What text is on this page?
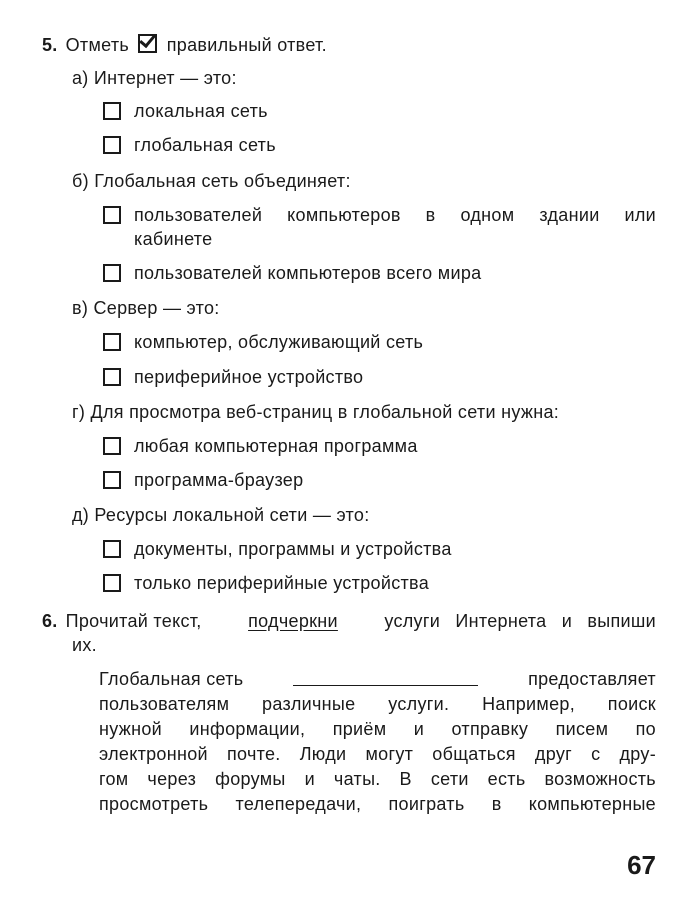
5. Отметь правильный ответ.
а) Интернет — это:
локальная сеть
глобальная сеть
б) Глобальная сеть объединяет:
пользователей компьютеров в одном здании или
кабинете
пользователей компьютеров всего мира
в) Сервер — это:
компьютер, обслуживающий сеть
периферийное устройство
г) Для просмотра веб-страниц в глобальной сети нужна:
любая компьютерная программа
программа-браузер
д) Ресурсы локальной сети — это:
документы, программы и устройства
только периферийные устройства
6. Прочитай текст,	подчеркни	услуги Интернета и выпиши
их.
Глобальная сеть	предоставляет
пользователям различные услуги. Например, поиск
нужной информации, приём и отправку писем по
электронной почте. Люди могут общаться друг с дру-
гом через форумы и чаты. В сети есть возможность
просмотреть телепередачи, поиграть в компьютерные
67
